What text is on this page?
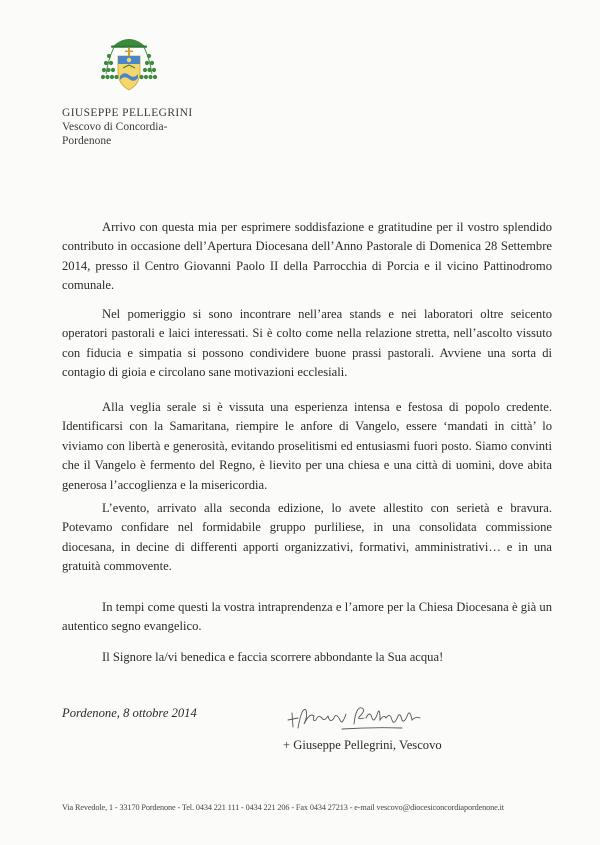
GIUSEPPE PELLEGRINI
Vescovo di Concordia-Pordenone

Arrivo con questa mia per esprimere soddisfazione e gratitudine per il vostro splendido contributo in occasione dell’Apertura Diocesana dell’Anno Pastorale di Domenica 28 Settembre 2014, presso il Centro Giovanni Paolo II della Parrocchia di Porcia e il vicino Pattinodromo comunale.

Nel pomeriggio si sono incontrare nell’area stands e nei laboratori oltre seicento operatori pastorali e laici interessati. Si è colto come nella relazione stretta, nell’ascolto vissuto con fiducia e simpatia si possono condividere buone prassi pastorali. Avviene una sorta di contagio di gioia e circolano sane motivazioni ecclesiali.

Alla veglia serale si è vissuta una esperienza intensa e festosa di popolo credente. Identificarsi con la Samaritana, riempire le anfore di Vangelo, essere ‘mandati in città’ lo viviamo con libertà e generosità, evitando proselitismi ed entusiasmi fuori posto. Siamo convinti che il Vangelo è fermento del Regno, è lievito per una chiesa e una città di uomini, dove abita generosa l’accoglienza e la misericordia.

L’evento, arrivato alla seconda edizione, lo avete allestito con serietà e bravura. Potevamo confidare nel formidabile gruppo purliliese, in una consolidata commissione diocesana, in decine di differenti apporti organizzativi, formativi, amministrativi… e in una gratuità commovente.

In tempi come questi la vostra intraprendenza e l’amore per la Chiesa Diocesana è già un autentico segno evangelico.

Il Signore la/vi benedica e faccia scorrere abbondante la Sua acqua!

Pordenone, 8 ottobre 2014
+ Giuseppe Pellegrini, Vescovo
Via Revedole, 1 - 33170 Pordenone - Tel. 0434 221 111 - 0434 221 206 - Fax 0434 27213 - e-mail vescovo@diocesiconcordiapordenone.it
